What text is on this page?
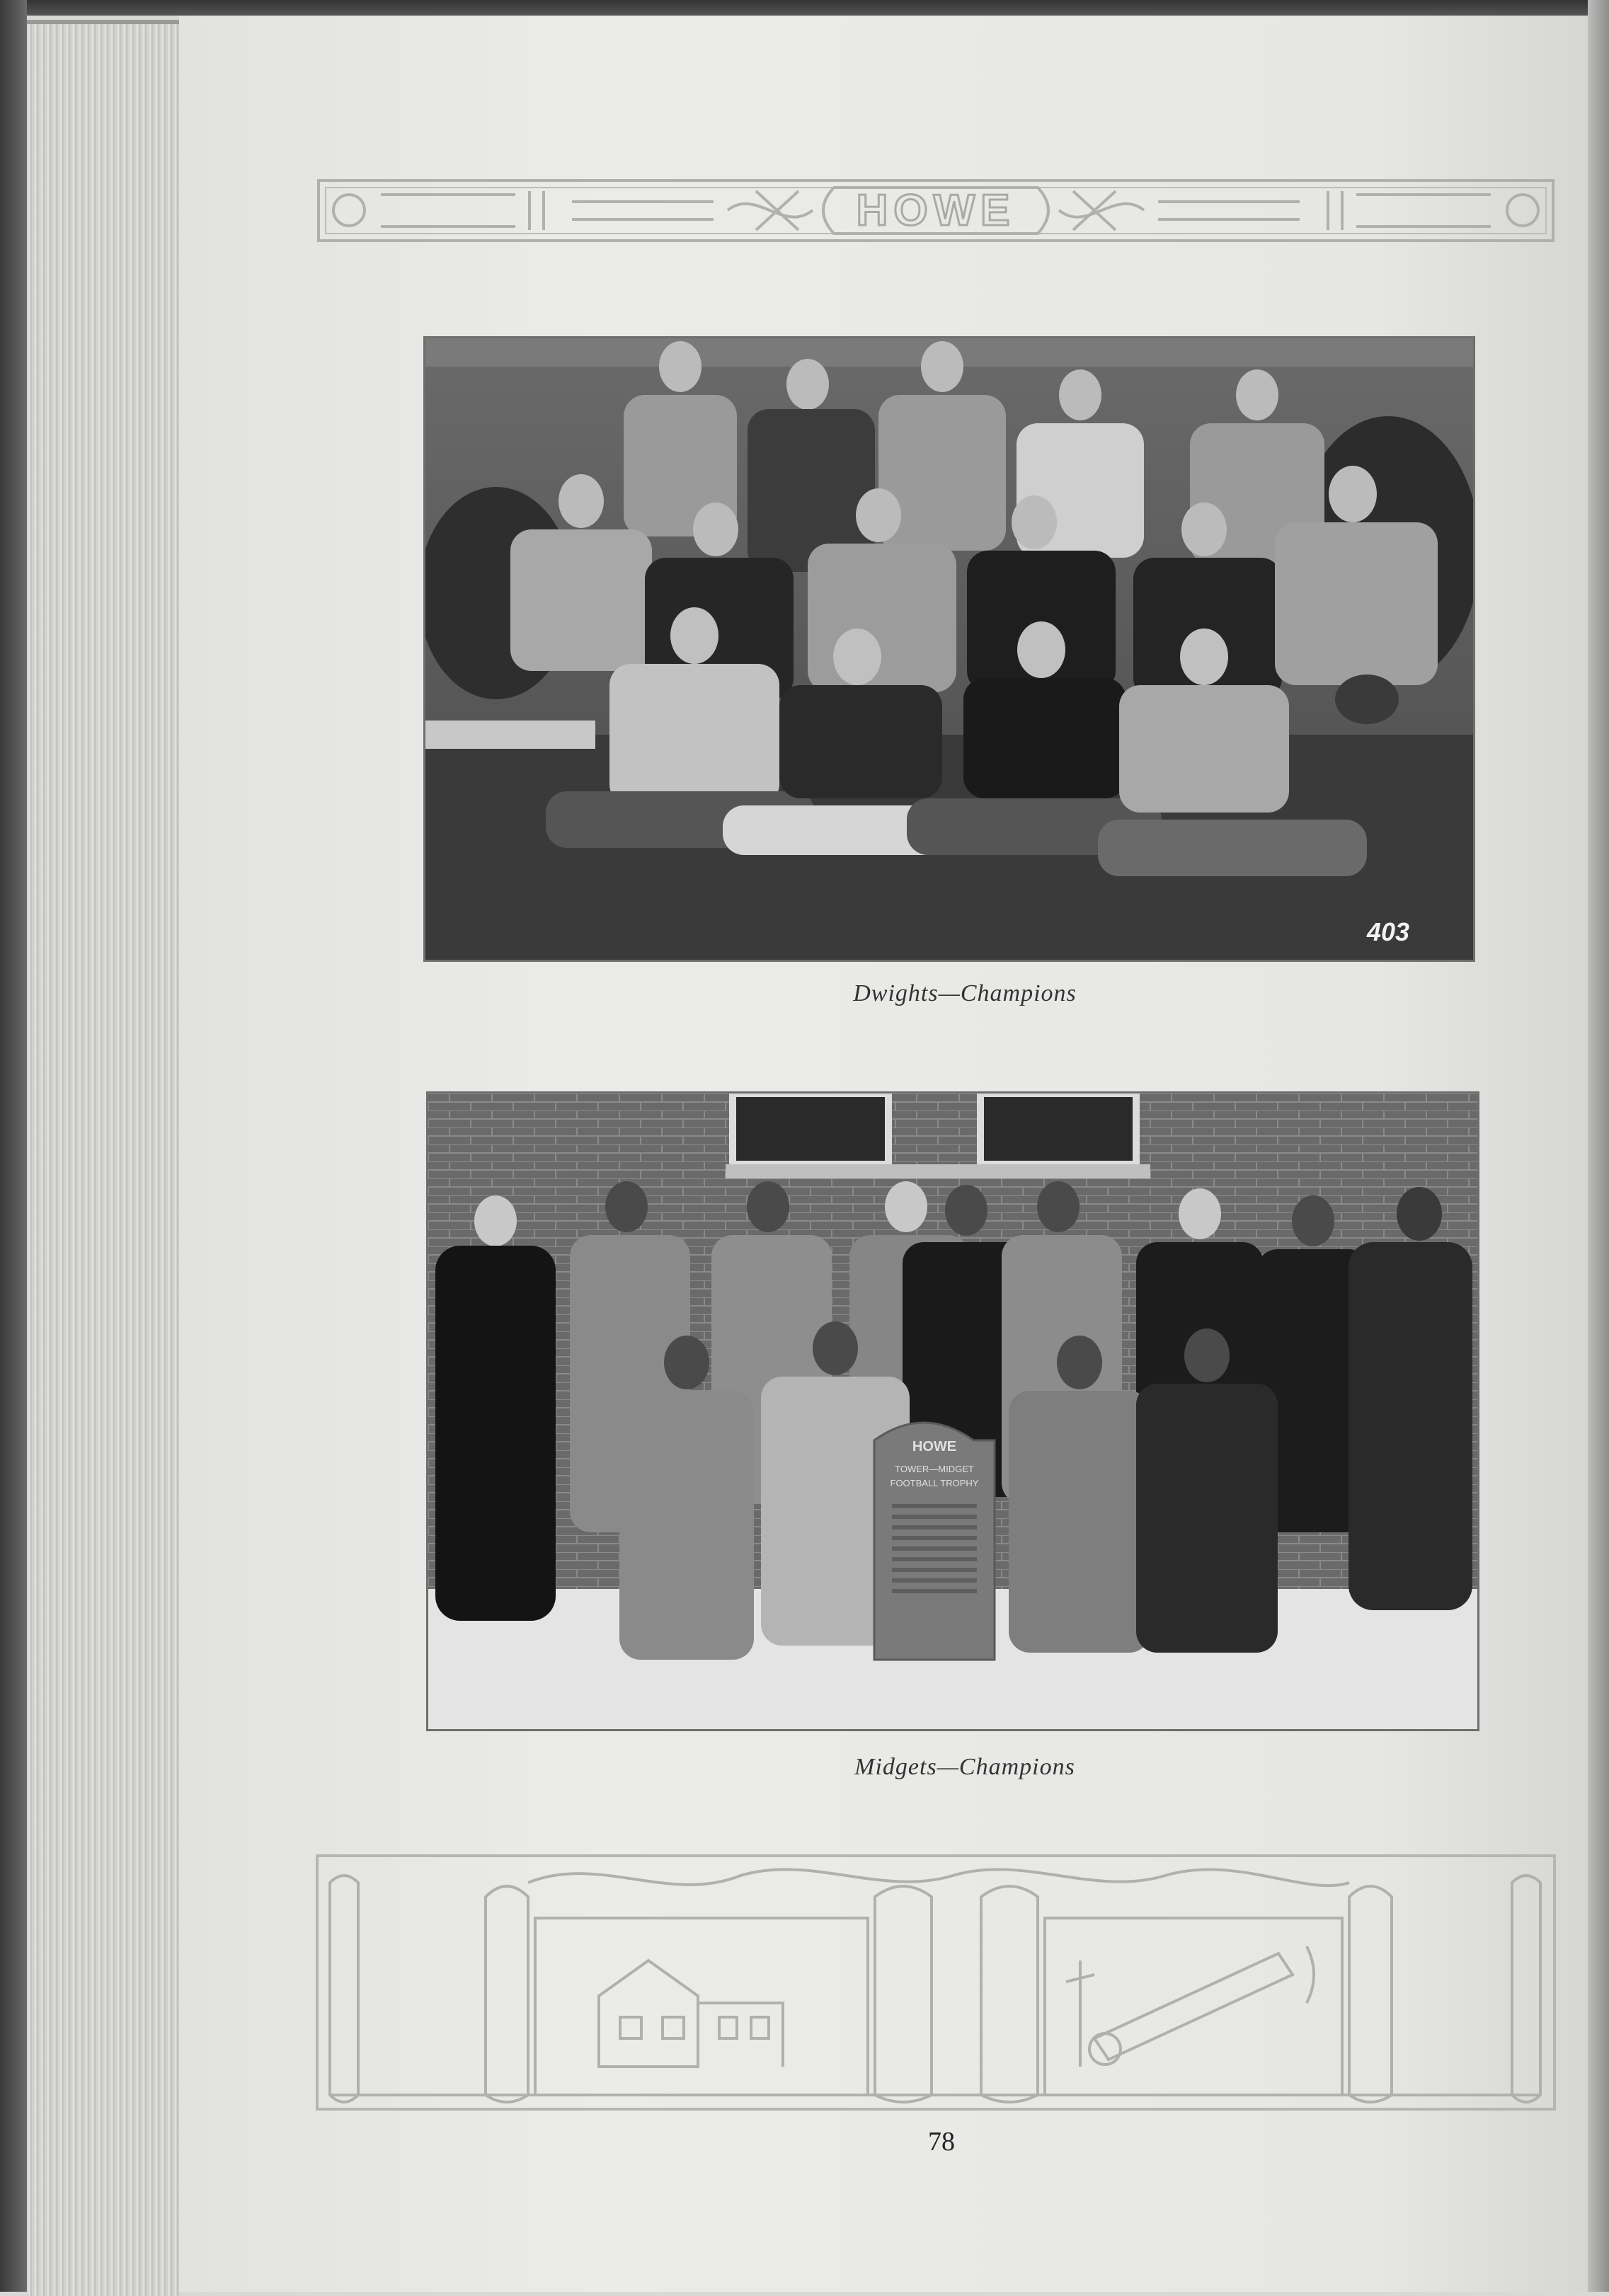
HOWE
403
Dwights—Champions
HOWE
TOWER—MIDGET
FOOTBALL TROPHY
Midgets—Champions
78
